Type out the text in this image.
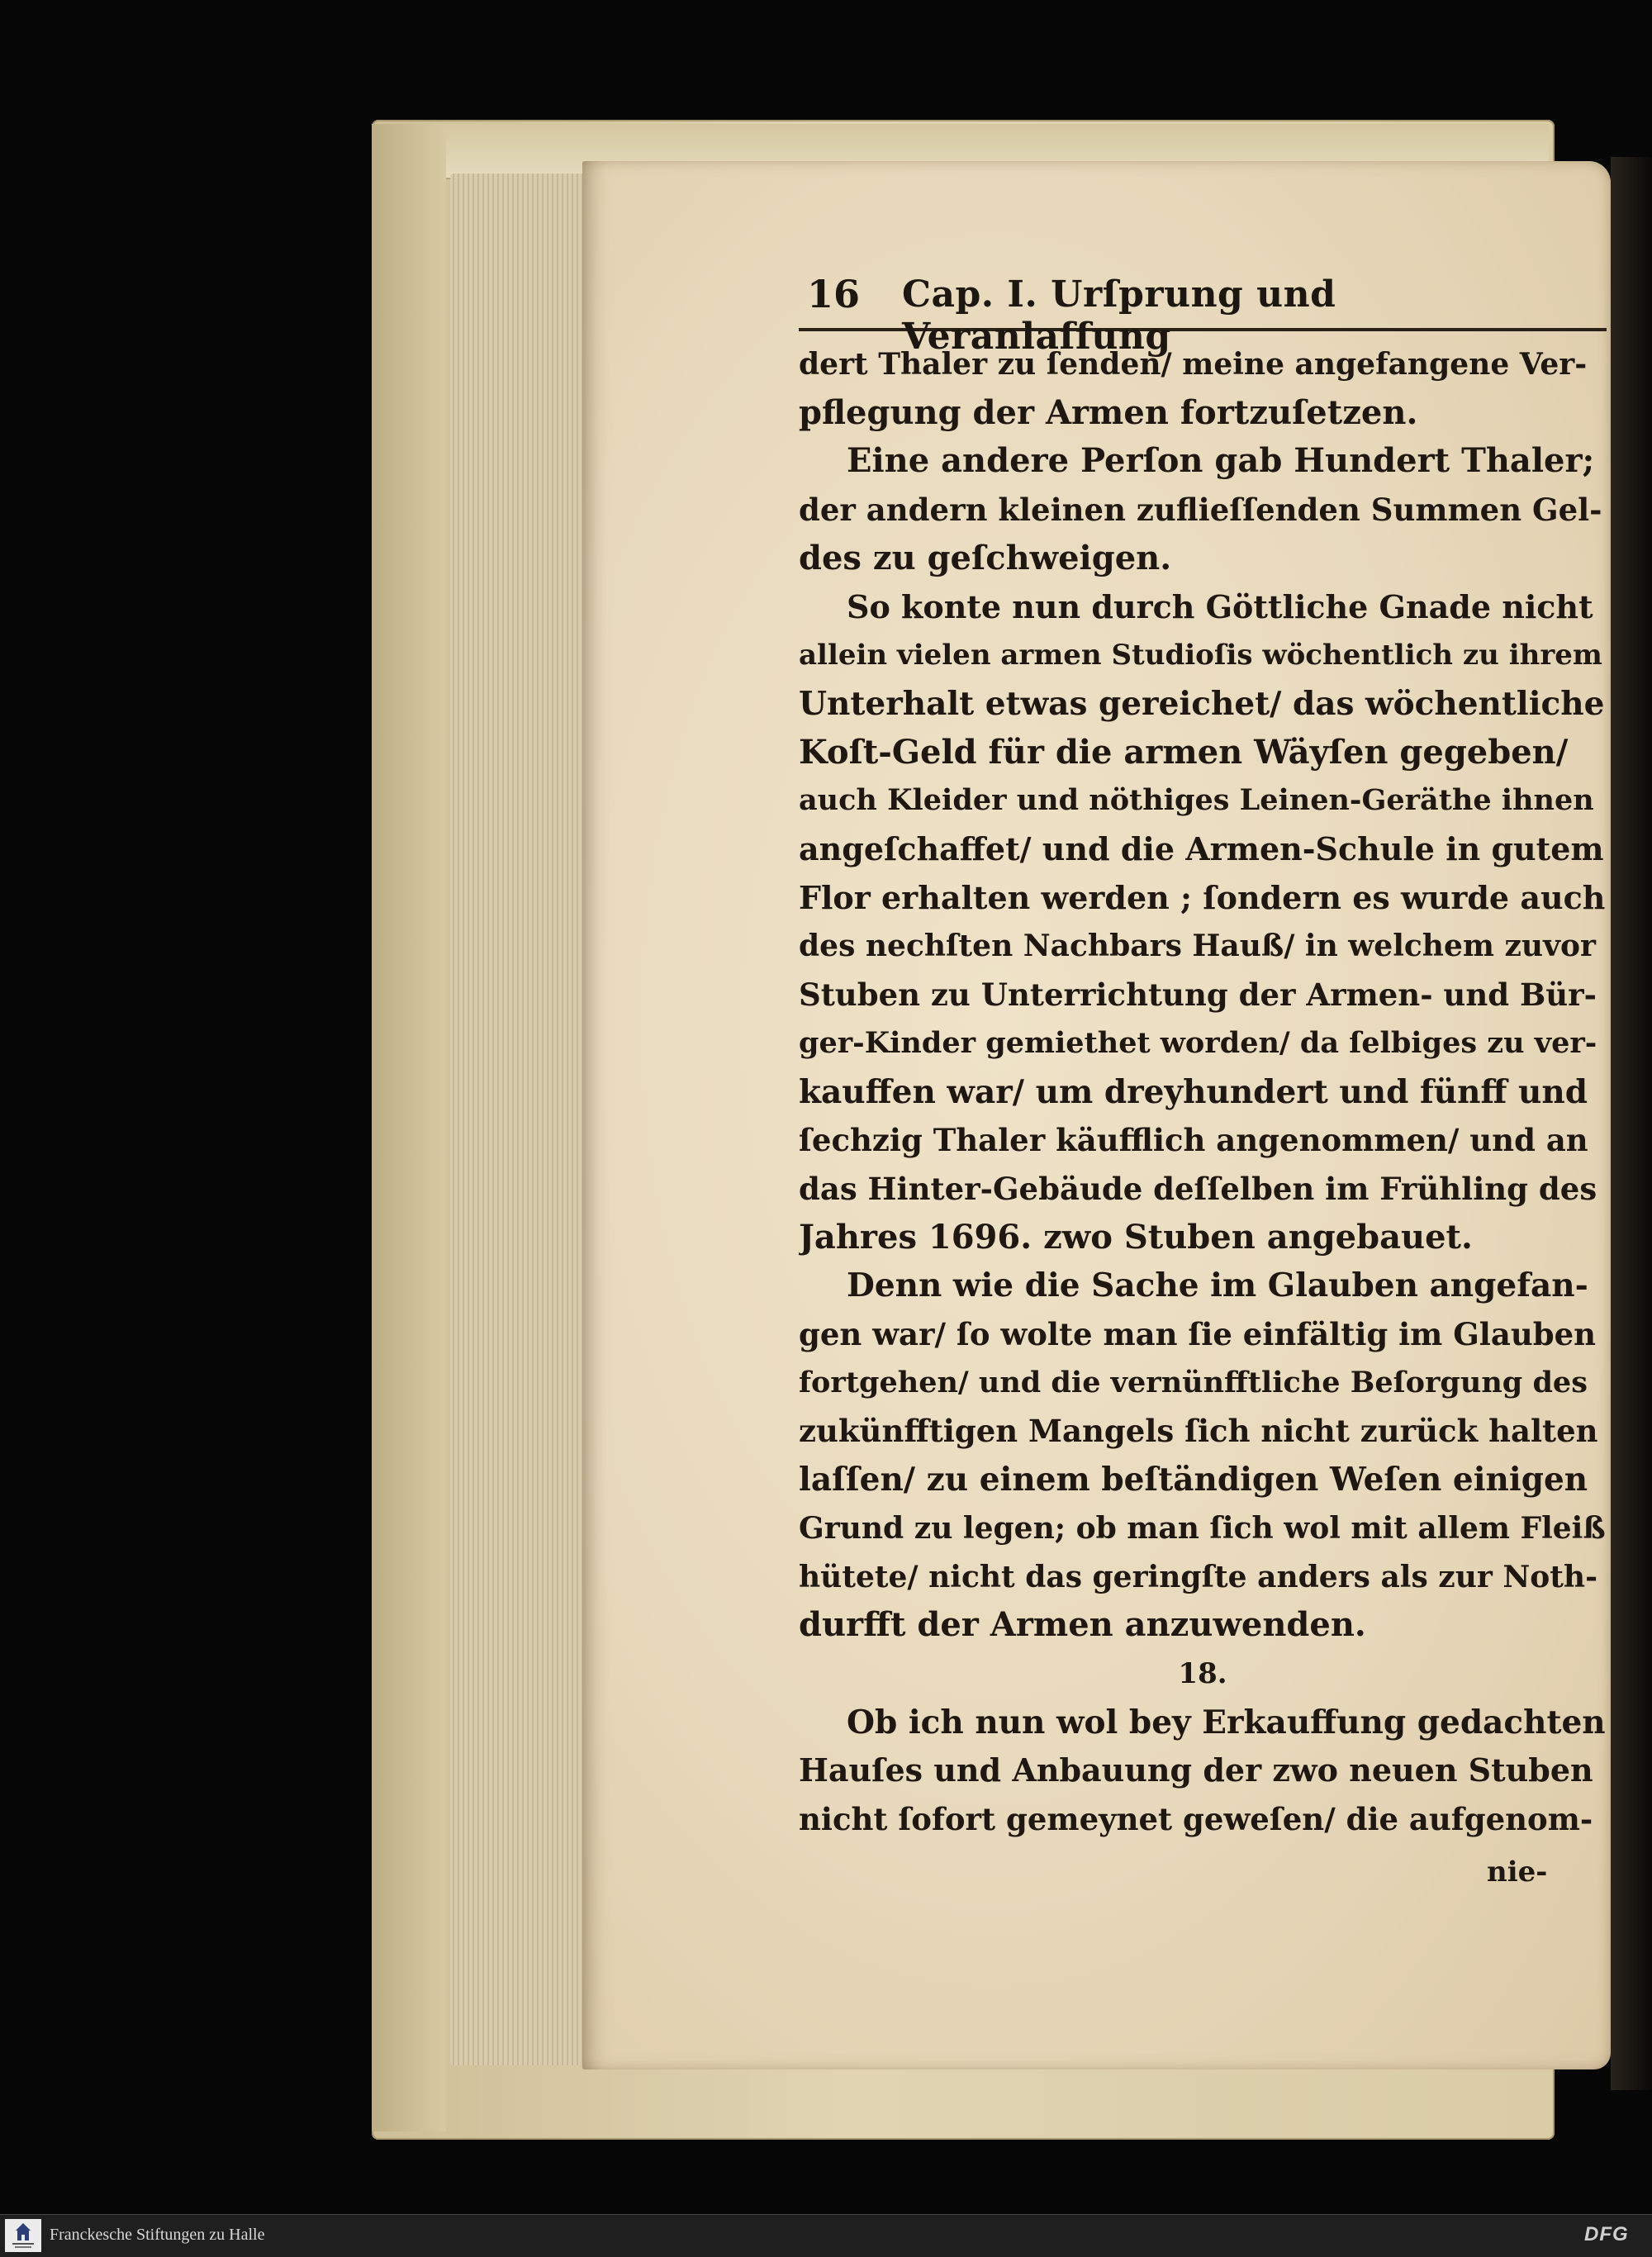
16 Cap. I. Urſprung und Veranlaſſung
dert Thaler zu ſenden/ meine angefangene Ver-
pflegung der Armen fortzuſetzen.
Eine andere Perſon gab Hundert Thaler;
der andern kleinen zuflieſſenden Summen Gel-
des zu geſchweigen.
So konte nun durch Göttliche Gnade nicht
allein vielen armen Studioſis wöchentlich zu ihrem
Unterhalt etwas gereichet/ das wöchentliche
Koſt-Geld für die armen Wäyſen gegeben/
auch Kleider und nöthiges Leinen-Geräthe ihnen
angeſchaffet/ und die Armen-Schule in gutem
Flor erhalten werden ; ſondern es wurde auch
des nechſten Nachbars Hauß/ in welchem zuvor
Stuben zu Unterrichtung der Armen- und Bür-
ger-Kinder gemiethet worden/ da ſelbiges zu ver-
kauffen war/ um dreyhundert und fünff und
ſechzig Thaler käufflich angenommen/ und an
das Hinter-Gebäude deſſelben im Frühling des
Jahres 1696. zwo Stuben angebauet.
Denn wie die Sache im Glauben angefan-
gen war/ ſo wolte man ſie einfältig im Glauben
fortgehen/ und die vernünfftliche Beſorgung des
zukünfftigen Mangels ſich nicht zurück halten
laſſen/ zu einem beſtändigen Weſen einigen
Grund zu legen; ob man ſich wol mit allem Fleiß
hütete/ nicht das geringſte anders als zur Noth-
durfft der Armen anzuwenden.
18.
Ob ich nun wol bey Erkauffung gedachten
Hauſes und Anbauung der zwo neuen Stuben
nicht ſofort gemeynet geweſen/ die aufgenom-
nie-
Franckesche Stiftungen zu Halle	DFG
